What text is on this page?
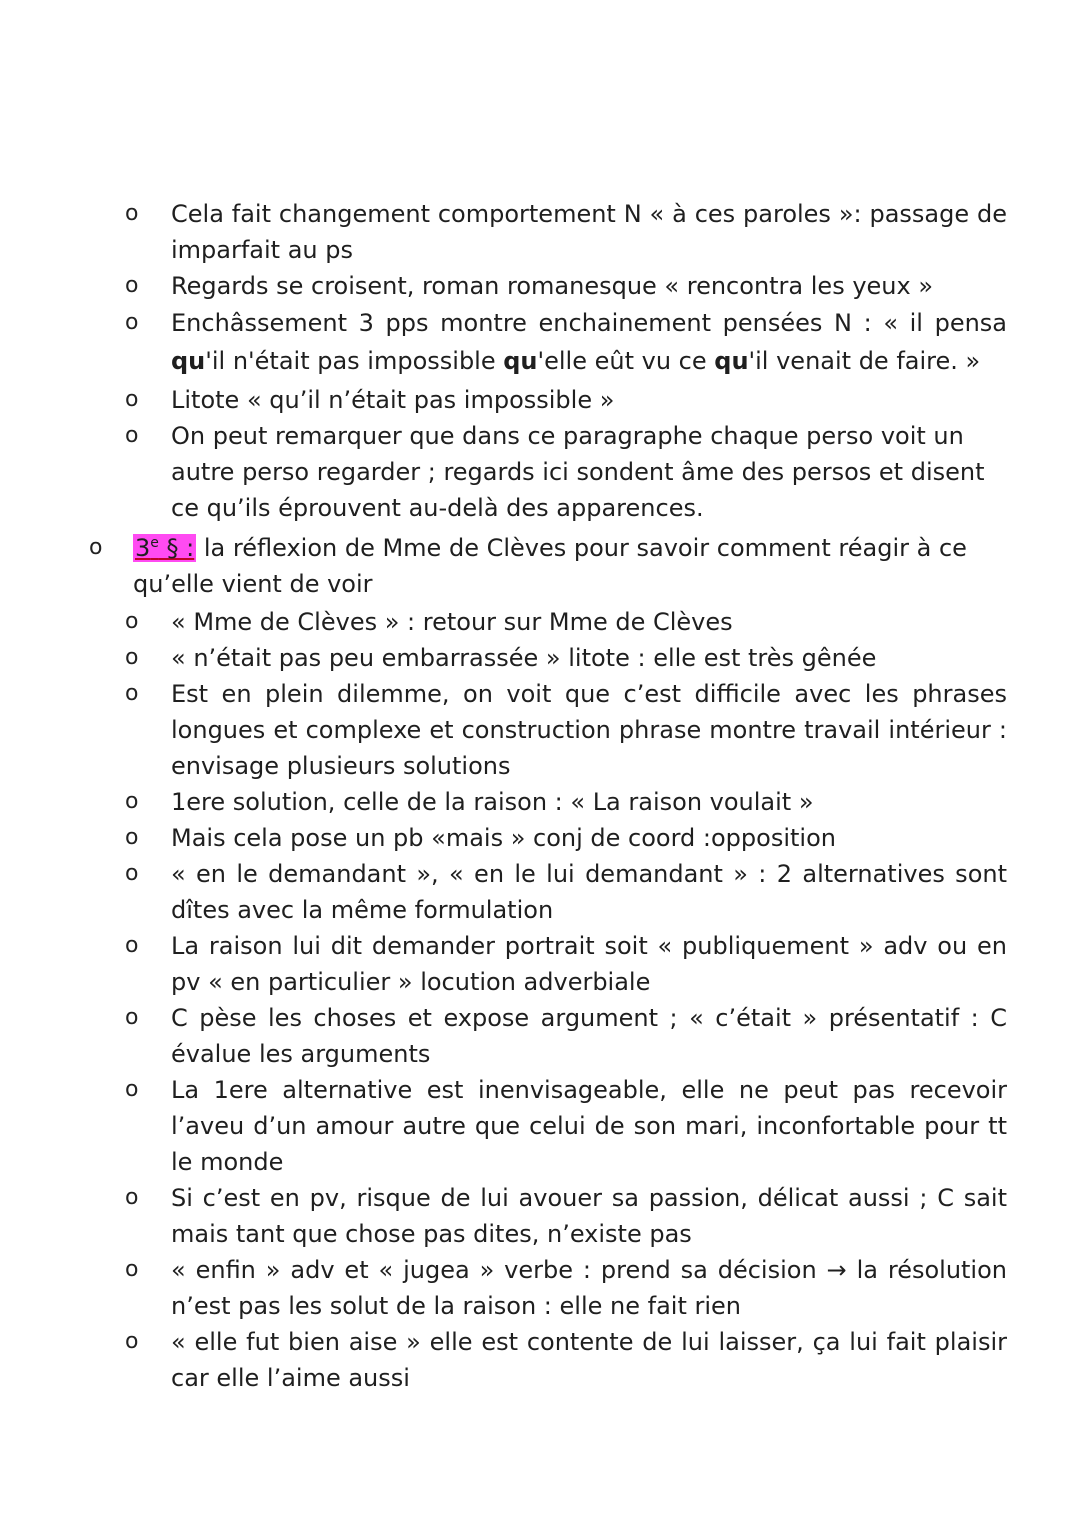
o Cela fait changement comportement N « à ces paroles »: passage de imparfait au ps
o Regards se croisent, roman romanesque « rencontra les yeux »
o Enchâssement 3 pps montre enchainement pensées N : « il pensa qu'il n'était pas impossible qu'elle eût vu ce qu'il venait de faire. »
o Litote « qu’il n’était pas impossible »
o On peut remarquer que dans ce paragraphe chaque perso voit un autre perso regarder ; regards ici sondent âme des persos et disent ce qu’ils éprouvent au-delà des apparences.
o 3e § : la réflexion de Mme de Clèves pour savoir comment réagir à ce qu’elle vient de voir
o « Mme de Clèves » : retour sur Mme de Clèves
o « n’était pas peu embarrassée » litote : elle est très gênée
o Est en plein dilemme, on voit que c’est difficile avec les phrases longues et complexe et construction phrase montre travail intérieur : envisage plusieurs solutions
o 1ere solution, celle de la raison : « La raison voulait »
o Mais cela pose un pb «mais » conj de coord :opposition
o « en le demandant », « en le lui demandant » : 2 alternatives sont dîtes avec la même formulation
o La raison lui dit demander portrait soit « publiquement » adv ou en pv « en particulier » locution adverbiale
o C pèse les choses et expose argument ; « c’était » présentatif : C évalue les arguments
o La 1ere alternative est inenvisageable, elle ne peut pas recevoir l’aveu d’un amour autre que celui de son mari, inconfortable pour tt le monde
o Si c’est en pv, risque de lui avouer sa passion, délicat aussi ; C sait mais tant que chose pas dites, n’existe pas
o « enfin » adv et « jugea » verbe : prend sa décision → la résolution n’est pas les solut de la raison : elle ne fait rien
o « elle fut bien aise » elle est contente de lui laisser, ça lui fait plaisir car elle l’aime aussi
